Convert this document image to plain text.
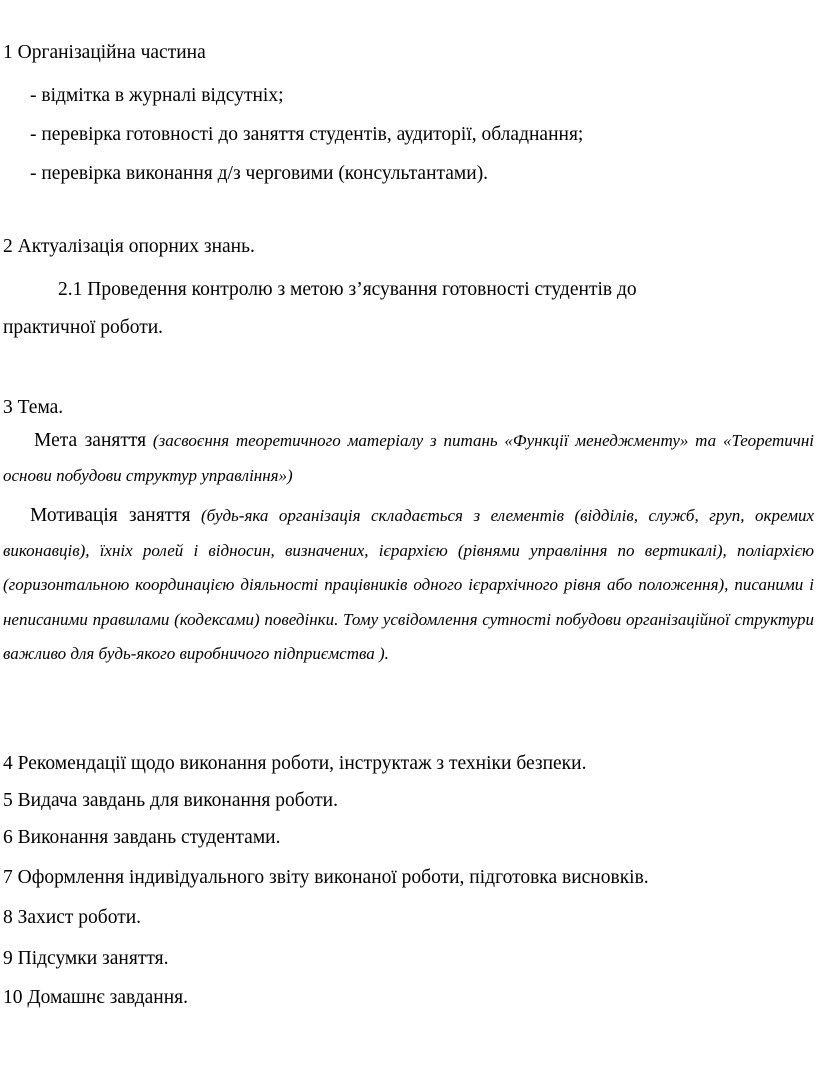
1 Організаційна частина
- відмітка в журналі відсутніх;
- перевірка готовності до заняття студентів, аудиторії, обладнання;
- перевірка виконання д/з черговими (консультантами).
2 Актуалізація опорних знань.
2.1 Проведення контролю з метою з’ясування готовності студентів до
практичної роботи.
3 Тема.
Мета заняття (засвоєння теоретичного матеріалу з питань «Функції менеджменту» та «Теоретичні основи побудови структур управління»)
Мотивація заняття (будь-яка організація складається з елементів (відділів, служб, груп, окремих виконавців), їхніх ролей і відносин, визначених, ієрархією (рівнями управління по вертикалі), поліархією (горизонтальною координацією діяльності працівників одного ієрархічного рівня або положення), писаними і неписаними правилами (кодексами) поведінки. Тому усвідомлення сутності побудови організаційної структури важливо для будь-якого виробничого підприємства ).
4 Рекомендації щодо виконання роботи, інструктаж з техніки безпеки.
5 Видача завдань для виконання роботи.
6 Виконання завдань студентами.
7 Оформлення індивідуального звіту виконаної роботи, підготовка висновків.
8 Захист роботи.
9 Підсумки заняття.
10 Домашнє завдання.
